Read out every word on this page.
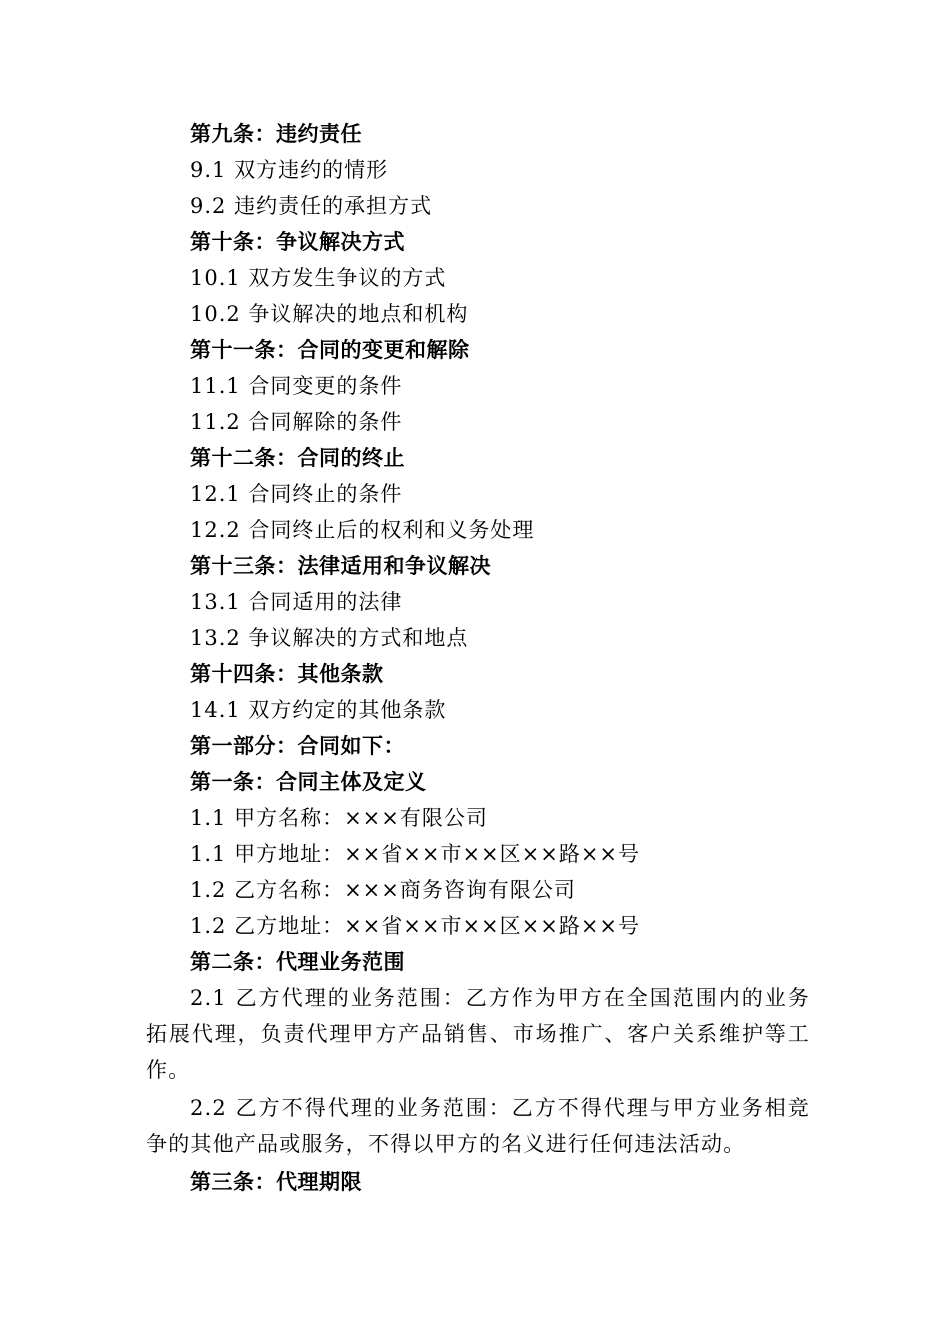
第九条：违约责任

9.1 双方违约的情形

9.2 违约责任的承担方式

第十条：争议解决方式

10.1 双方发生争议的方式

10.2 争议解决的地点和机构

第十一条：合同的变更和解除

11.1 合同变更的条件

11.2 合同解除的条件

第十二条：合同的终止

12.1 合同终止的条件

12.2 合同终止后的权利和义务处理

第十三条：法律适用和争议解决

13.1 合同适用的法律

13.2 争议解决的方式和地点

第十四条：其他条款

14.1 双方约定的其他条款

第一部分：合同如下：

第一条：合同主体及定义

1.1 甲方名称：×××有限公司

1.1 甲方地址：××省××市××区××路××号

1.2 乙方名称：×××商务咨询有限公司

1.2 乙方地址：××省××市××区××路××号

第二条：代理业务范围

2.1 乙方代理的业务范围：乙方作为甲方在全国范围内的业务拓展代理，负责代理甲方产品销售、市场推广、客户关系维护等工作。

2.2 乙方不得代理的业务范围：乙方不得代理与甲方业务相竞争的其他产品或服务，不得以甲方的名义进行任何违法活动。

第三条：代理期限
